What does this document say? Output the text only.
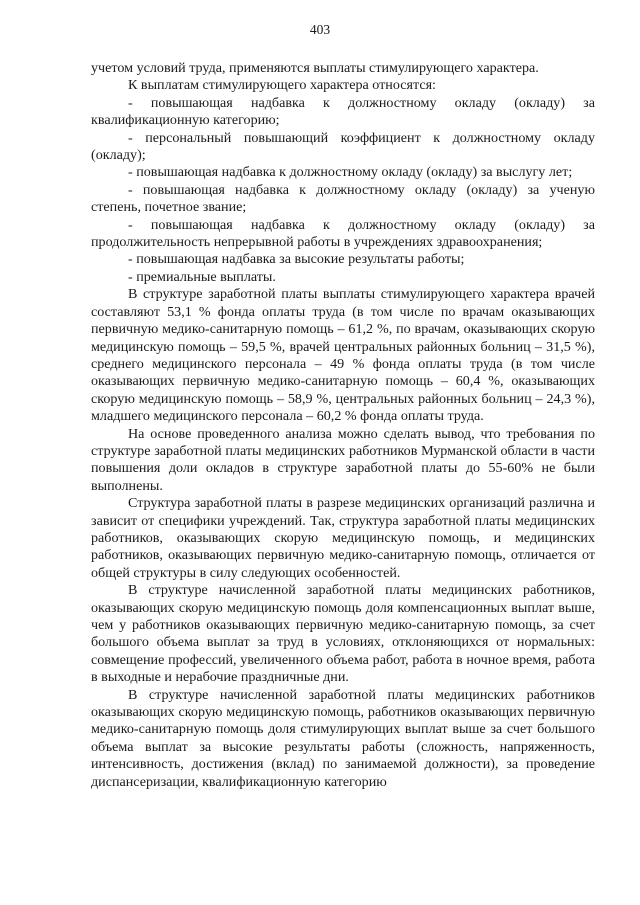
403

учетом условий труда, применяются выплаты стимулирующего характера.

К выплатам стимулирующего характера относятся:

- повышающая надбавка к должностному окладу (окладу) за квалификационную категорию;

- персональный повышающий коэффициент к должностному окладу (окладу);

- повышающая надбавка к должностному окладу (окладу) за выслугу лет;

- повышающая надбавка к должностному окладу (окладу) за ученую степень, почетное звание;

- повышающая надбавка к должностному окладу (окладу) за продолжительность непрерывной работы в учреждениях здравоохранения;

- повышающая надбавка за высокие результаты работы;

- премиальные выплаты.

В структуре заработной платы выплаты стимулирующего характера врачей составляют 53,1 % фонда оплаты труда (в том числе по врачам оказывающих первичную медико-санитарную помощь – 61,2 %, по врачам, оказывающих скорую медицинскую помощь – 59,5 %, врачей центральных районных больниц – 31,5 %), среднего медицинского персонала – 49 % фонда оплаты труда (в том числе оказывающих первичную медико-санитарную помощь – 60,4 %, оказывающих скорую медицинскую помощь – 58,9 %, центральных районных больниц – 24,3 %), младшего медицинского персонала – 60,2 % фонда оплаты труда.

На основе проведенного анализа можно сделать вывод, что требования по структуре заработной платы медицинских работников Мурманской области в части повышения доли окладов в структуре заработной платы до 55-60% не были выполнены.

Структура заработной платы в разрезе медицинских организаций различна и зависит от специфики учреждений. Так, структура заработной платы медицинских работников, оказывающих скорую медицинскую помощь, и медицинских работников, оказывающих первичную медико-санитарную помощь, отличается от общей структуры в силу следующих особенностей.

В структуре начисленной заработной платы медицинских работников, оказывающих скорую медицинскую помощь доля компенсационных выплат выше, чем у работников оказывающих первичную медико-санитарную помощь, за счет большого объема выплат за труд в условиях, отклоняющихся от нормальных: совмещение профессий, увеличенного объема работ, работа в ночное время, работа в выходные и нерабочие праздничные дни.

В структуре начисленной заработной платы медицинских работников оказывающих скорую медицинскую помощь, работников оказывающих первичную медико-санитарную помощь доля стимулирующих выплат выше за счет большого объема выплат за высокие результаты работы (сложность, напряженность, интенсивность, достижения (вклад) по занимаемой должности), за проведение диспансеризации, квалификационную категорию
